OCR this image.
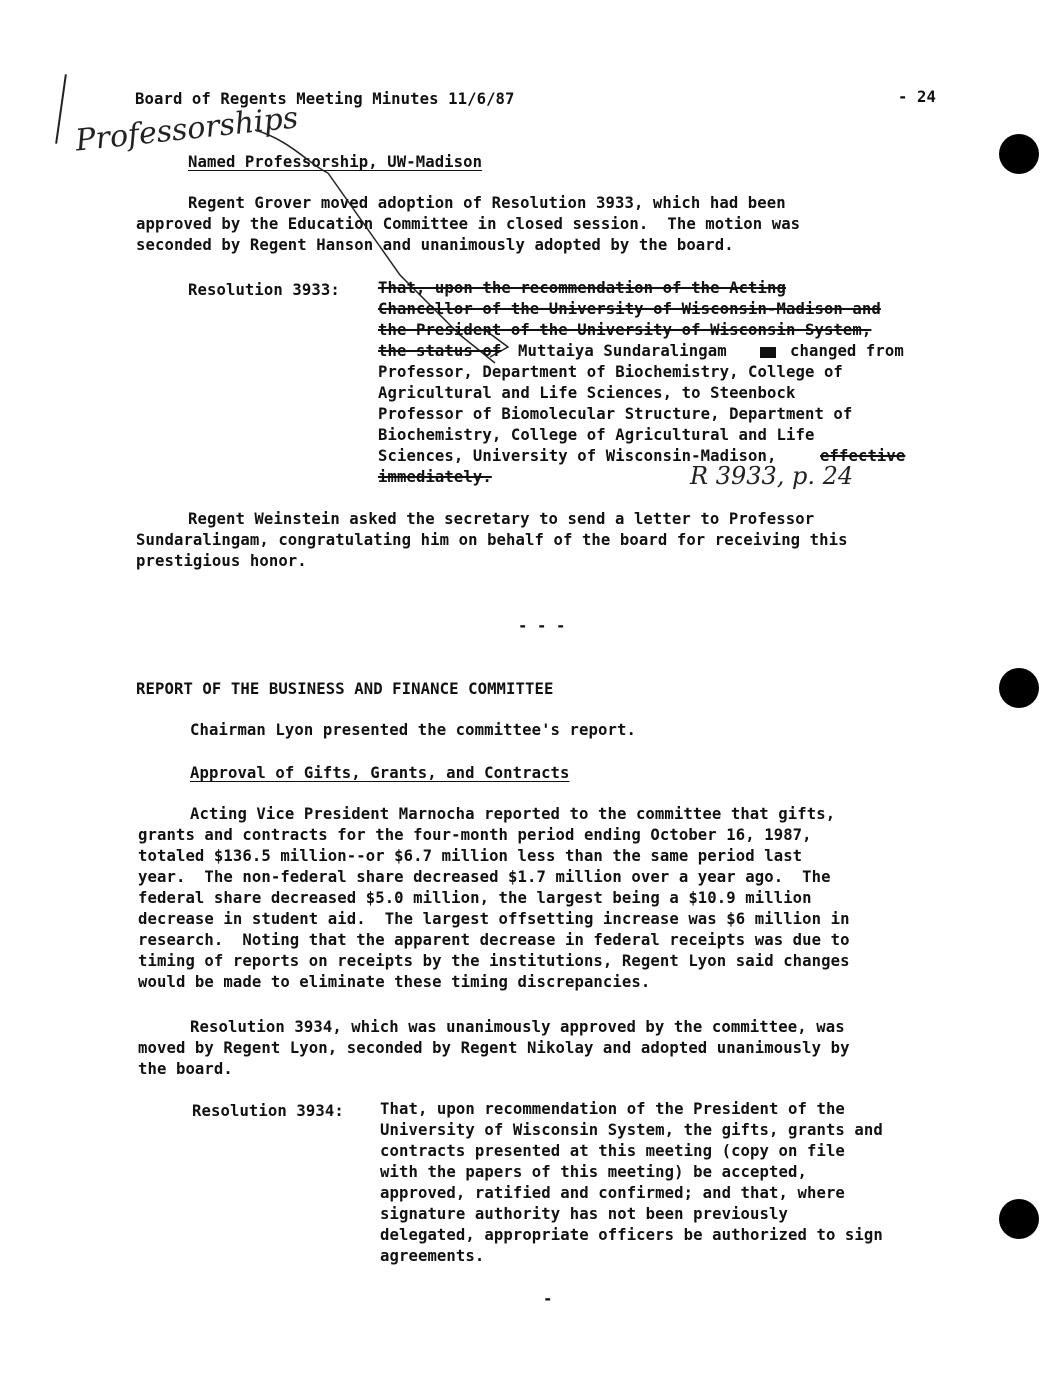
Board of Regents Meeting Minutes 11/6/87	- 24
Professorships
Named Professorship, UW-Madison
Regent Grover moved adoption of Resolution 3933, which had been
approved by the Education Committee in closed session.  The motion was
seconded by Regent Hanson and unanimously adopted by the board.
Resolution 3933: That, upon the recommendation of the Acting
Chancellor of the University of Wisconsin-Madison and
the President of the University of Wisconsin System,
the status of Muttaiya Sundaralingam	changed from
Professor, Department of Biochemistry, College of
Agricultural and Life Sciences, to Steenbock
Professor of Biomolecular Structure, Department of
Biochemistry, College of Agricultural and Life
Sciences, University of Wisconsin-Madison,	effective
immediately.	R 3933, p. 24
Regent Weinstein asked the secretary to send a letter to Professor
Sundaralingam, congratulating him on behalf of the board for receiving this
prestigious honor.
- - -
REPORT OF THE BUSINESS AND FINANCE COMMITTEE
Chairman Lyon presented the committee's report.
Approval of Gifts, Grants, and Contracts
Acting Vice President Marnocha reported to the committee that gifts,
grants and contracts for the four-month period ending October 16, 1987,
totaled $136.5 million--or $6.7 million less than the same period last
year.  The non-federal share decreased $1.7 million over a year ago.  The
federal share decreased $5.0 million, the largest being a $10.9 million
decrease in student aid.  The largest offsetting increase was $6 million in
research.  Noting that the apparent decrease in federal receipts was due to
timing of reports on receipts by the institutions, Regent Lyon said changes
would be made to eliminate these timing discrepancies.
Resolution 3934, which was unanimously approved by the committee, was
moved by Regent Lyon, seconded by Regent Nikolay and adopted unanimously by
the board.
Resolution 3934: That, upon recommendation of the President of the
University of Wisconsin System, the gifts, grants and
contracts presented at this meeting (copy on file
with the papers of this meeting) be accepted,
approved, ratified and confirmed; and that, where
signature authority has not been previously
delegated, appropriate officers be authorized to sign
agreements.
-
